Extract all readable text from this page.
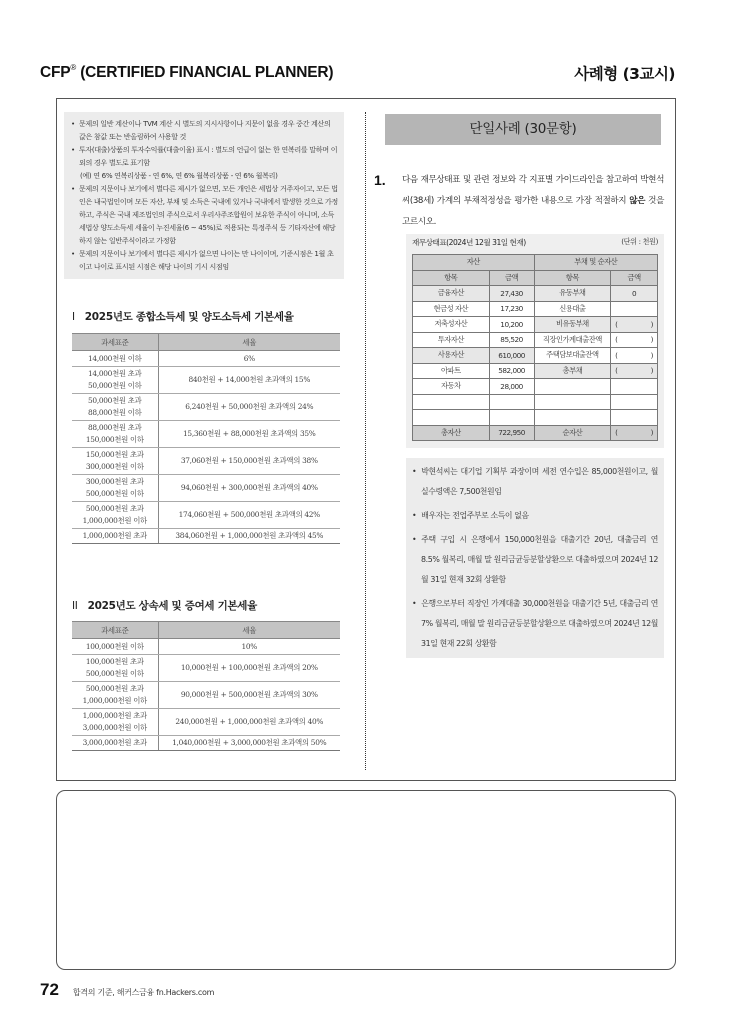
CFP® (CERTIFIED FINANCIAL PLANNER)	사례형 (3교시)
• 문제의 일반 계산이나 TVM 계산 시 별도의 지시사항이나 지문이 없을 경우 중간 계산의 값은 참값 또는 반올림하여 사용할 것
• 투자(대출)상품의 투자수익률(대출이율) 표시 : 별도의 언급이 없는 한 연복리를 말하며 이외의 경우 별도로 표기함
(예) 연 6% 연복리상품 - 연 6%, 연 6% 월복리상품 - 연 6% 월복리)
• 문제의 지문이나 보기에서 별다른 제시가 없으면, 모든 개인은 세법상 거주자이고, 모든 법인은 내국법인이며 모든 자산, 부채 및 소득은 국내에 있거나 국내에서 발생한 것으로 가정하고, 주식은 국내 제조법인의 주식으로서 우리사주조합원이 보유한 주식이 아니며, 소득세법상 양도소득세 세율이 누진세율(6 ~ 45%)로 적용되는 특정주식 등 기타자산에 해당하지 않는 일반주식이라고 가정함
• 문제의 지문이나 보기에서 별다른 제시가 없으면 나이는 만 나이이며, 기준시점은 1월 초이고 나이로 표시된 시점은 해당 나이의 기시 시점임
I 2025년도 종합소득세 및 양도소득세 기본세율
과세표준	세율

14,000천원 이하	6%

14,000천원 초과
50,000천원 이하	840천원 + 14,000천원 초과액의 15%

50,000천원 초과
88,000천원 이하	6,240천원 + 50,000천원 초과액의 24%

88,000천원 초과
150,000천원 이하	15,360천원 + 88,000천원 초과액의 35%

150,000천원 초과
300,000천원 이하	37,060천원 + 150,000천원 초과액의 38%

300,000천원 초과
500,000천원 이하	94,060천원 + 300,000천원 초과액의 40%

500,000천원 초과
1,000,000천원 이하	174,060천원 + 500,000천원 초과액의 42%

1,000,000천원 초과	384,060천원 + 1,000,000천원 초과액의 45%
II 2025년도 상속세 및 증여세 기본세율
과세표준	세율

100,000천원 이하	10%

100,000천원 초과
500,000천원 이하	10,000천원 + 100,000천원 초과액의 20%

500,000천원 초과
1,000,000천원 이하	90,000천원 + 500,000천원 초과액의 30%

1,000,000천원 초과
3,000,000천원 이하	240,000천원 + 1,000,000천원 초과액의 40%

3,000,000천원 초과	1,040,000천원 + 3,000,000천원 초과액의 50%
단일사례 (30문항)
1. 다음 재무상태표 및 관련 정보와 각 지표별 가이드라인을 참고하여 박현석씨(38세) 가계의 부채적정성을 평가한 내용으로 가장 적절하지 않은 것을 고르시오.
재무상태표(2024년 12월 31일 현재)	(단위 : 천원)
자산		부채 및 순자산	
항목	금액	항목	금액
금융자산	27,430	유동부채	0
현금성 자산	17,230	신용대출	
저축성자산	10,200	비유동부채	( )

투자자산	85,520	직장인가계대출잔액	( )

사용자산	610,000	주택담보대출잔액	( )

아파트	582,000	총부채	( )

자동차	28,000		

총자산	722,950	순자산	( )
• 박현석씨는 대기업 기획부 과장이며 세전 연수입은 85,000천원이고, 월 실수령액은 7,500천원임
• 배우자는 전업주부로 소득이 없음
• 주택 구입 시 은행에서 150,000천원을 대출기간 20년, 대출금리 연 8.5% 월복리, 매월 말 원리금균등분할상환으로 대출하였으며 2024년 12월 31일 현재 32회 상환함
• 은행으로부터 직장인 가계대출 30,000천원을 대출기간 5년, 대출금리 연 7% 월복리, 매월 말 원리금균등분할상환으로 대출하였으며 2024년 12월 31일 현재 22회 상환함
72 합격의 기준, 해커스금융 fn.Hackers.com
